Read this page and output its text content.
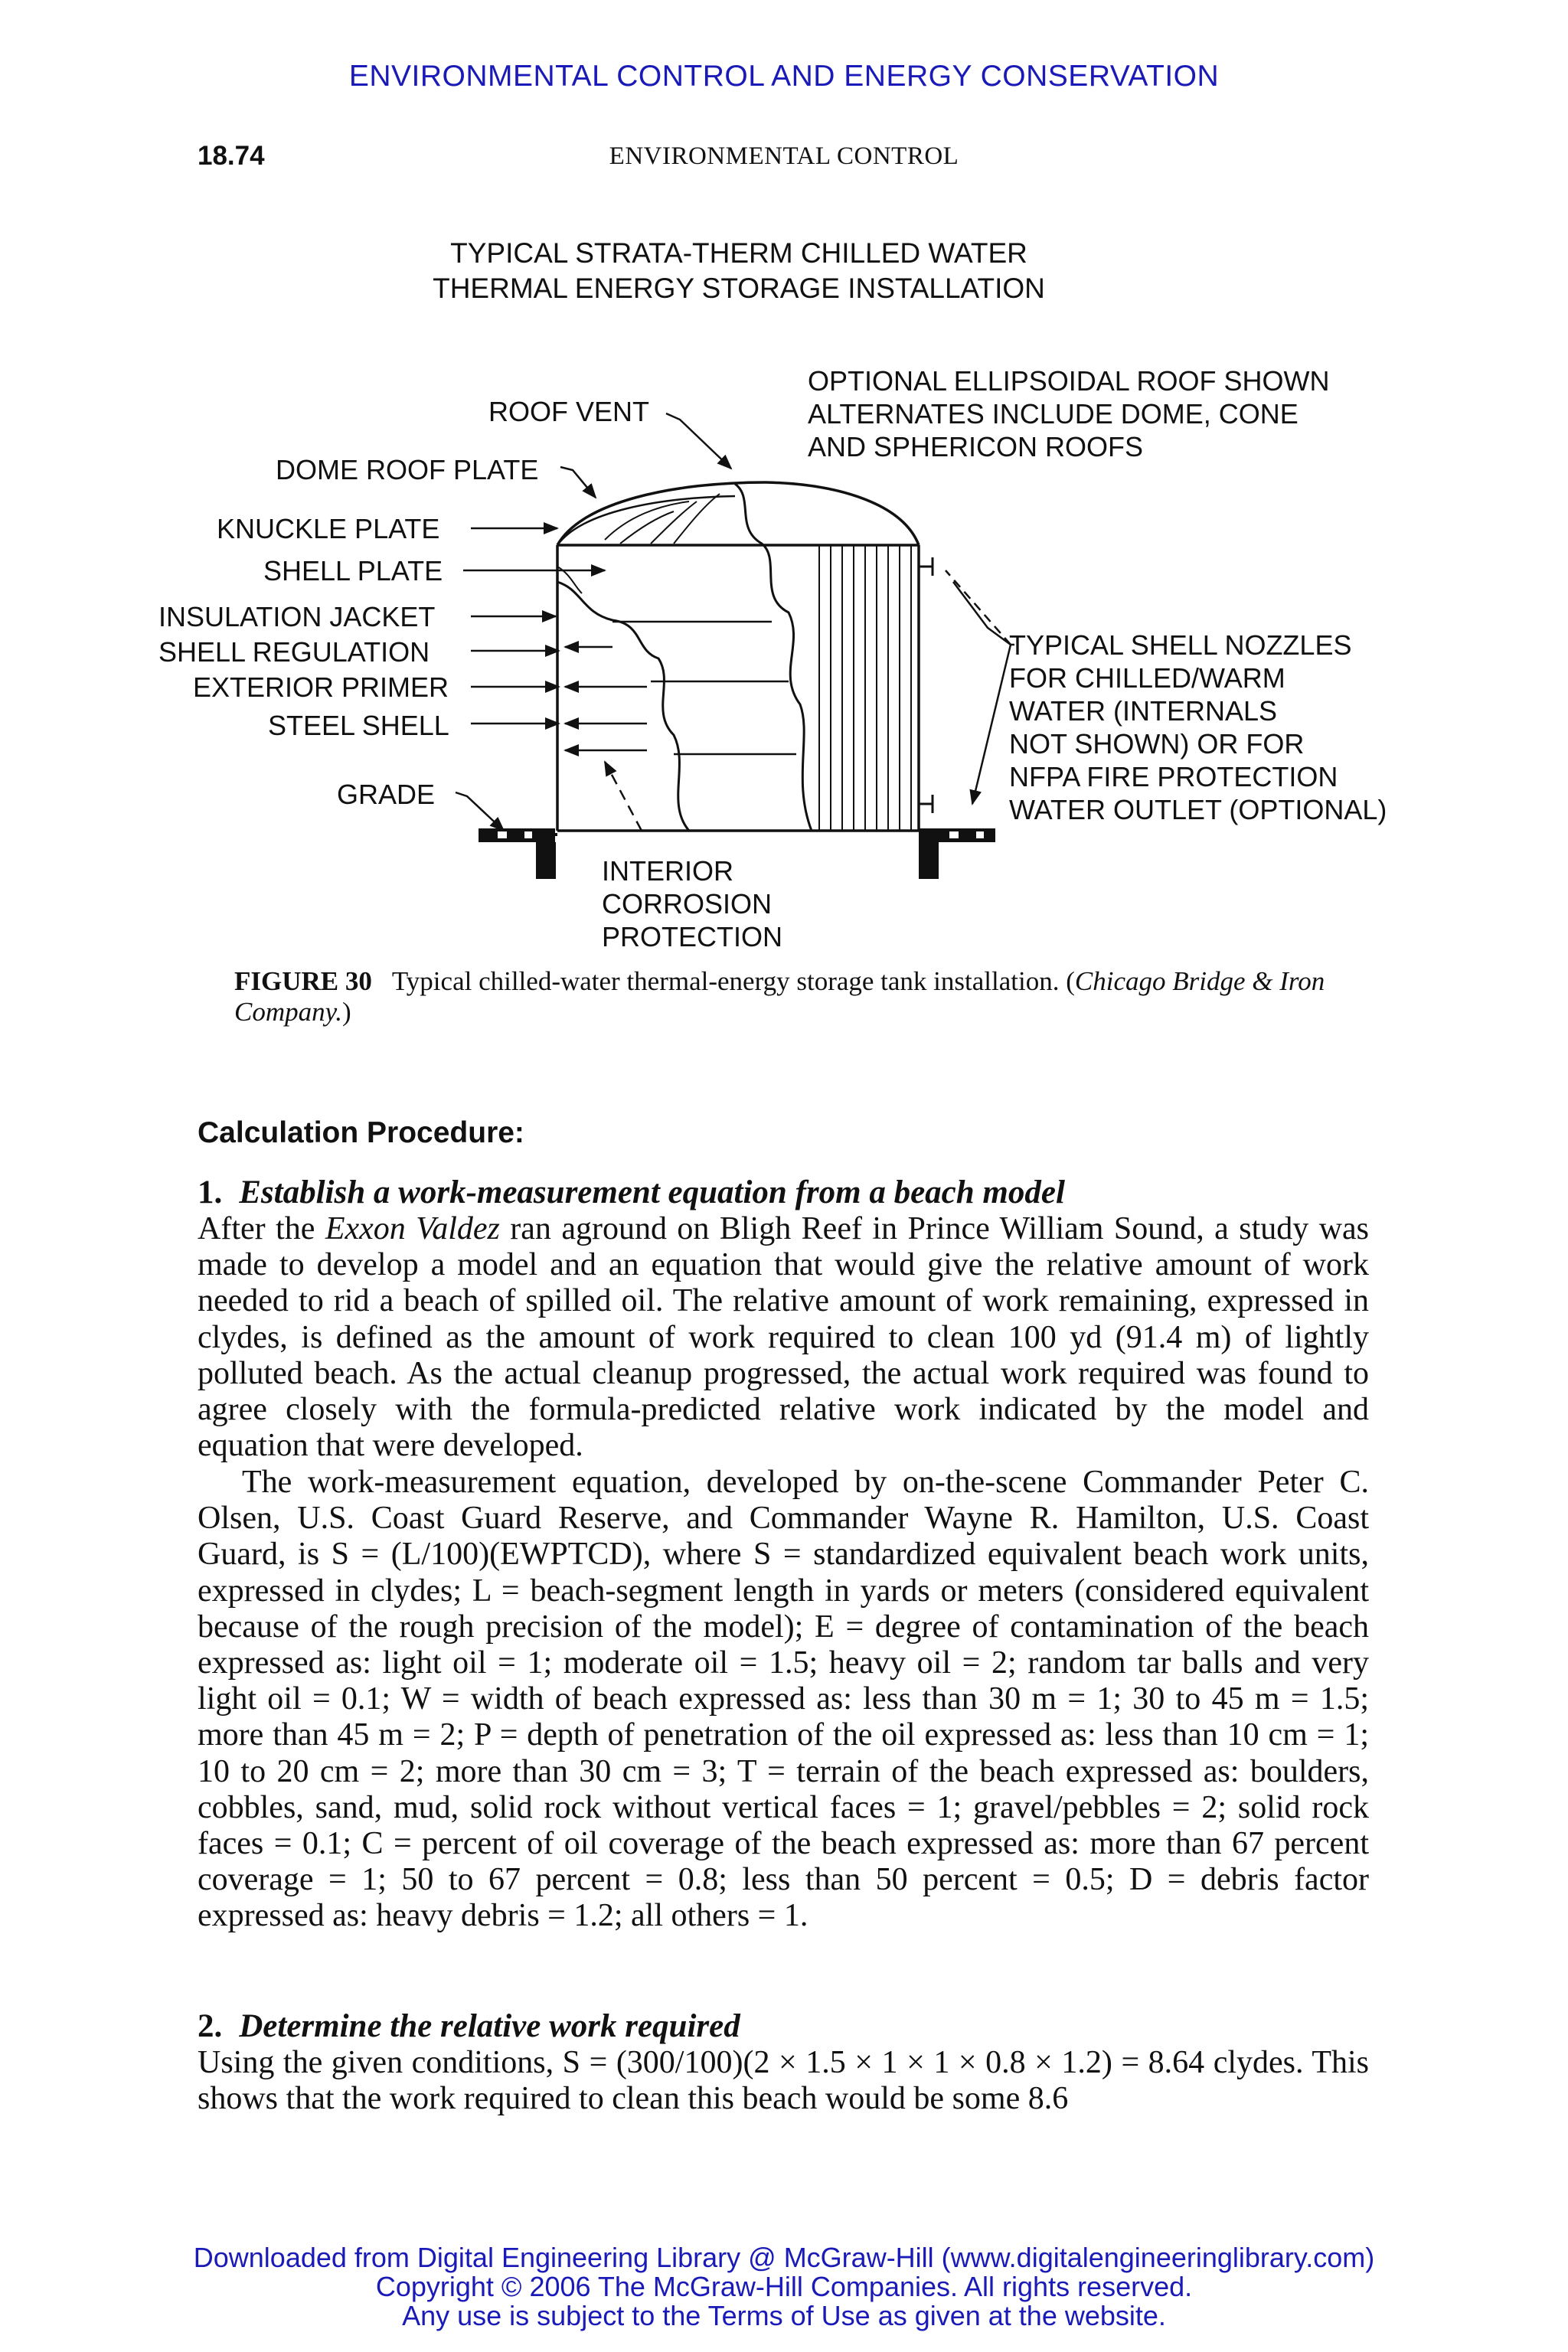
ENVIRONMENTAL CONTROL AND ENERGY CONSERVATION
18.74	ENVIRONMENTAL CONTROL
TYPICAL STRATA-THERM CHILLED WATER
THERMAL ENERGY STORAGE INSTALLATION
OPTIONAL ELLIPSOIDAL ROOF SHOWN
ALTERNATES INCLUDE DOME, CONE
AND SPHERICON ROOFS
ROOF VENT
DOME ROOF PLATE
KNUCKLE PLATE
SHELL PLATE
INSULATION JACKET
SHELL REGULATION
EXTERIOR PRIMER
STEEL SHELL
GRADE
TYPICAL SHELL NOZZLES
FOR CHILLED/WARM
WATER (INTERNALS
NOT SHOWN) OR FOR
NFPA FIRE PROTECTION
WATER OUTLET (OPTIONAL)
INTERIOR
CORROSION
PROTECTION
FIGURE 30 Typical chilled-water thermal-energy storage tank installation. (Chicago Bridge & Iron Company.)
Calculation Procedure:
1. Establish a work-measurement equation from a beach model
After the Exxon Valdez ran aground on Bligh Reef in Prince William Sound, a study was made to develop a model and an equation that would give the relative amount of work needed to rid a beach of spilled oil. The relative amount of work remaining, expressed in clydes, is defined as the amount of work required to clean 100 yd (91.4 m) of lightly polluted beach. As the actual cleanup progressed, the actual work required was found to agree closely with the formula-predicted relative work indicated by the model and equation that were developed.
The work-measurement equation, developed by on-the-scene Commander Peter C. Olsen, U.S. Coast Guard Reserve, and Commander Wayne R. Hamilton, U.S. Coast Guard, is S = (L/100)(EWPTCD), where S = standardized equivalent beach work units, expressed in clydes; L = beach-segment length in yards or meters (considered equivalent because of the rough precision of the model); E = degree of contamination of the beach expressed as: light oil = 1; moderate oil = 1.5; heavy oil = 2; random tar balls and very light oil = 0.1; W = width of beach expressed as: less than 30 m = 1; 30 to 45 m = 1.5; more than 45 m = 2; P = depth of penetration of the oil expressed as: less than 10 cm = 1; 10 to 20 cm = 2; more than 30 cm = 3; T = terrain of the beach expressed as: boulders, cobbles, sand, mud, solid rock without vertical faces = 1; gravel/pebbles = 2; solid rock faces = 0.1; C = percent of oil coverage of the beach expressed as: more than 67 percent coverage = 1; 50 to 67 percent = 0.8; less than 50 percent = 0.5; D = debris factor expressed as: heavy debris = 1.2; all others = 1.
2. Determine the relative work required
Using the given conditions, S = (300/100)(2 × 1.5 × 1 × 1 × 0.8 × 1.2) = 8.64 clydes. This shows that the work required to clean this beach would be some 8.6
Downloaded from Digital Engineering Library @ McGraw-Hill (www.digitalengineeringlibrary.com)
Copyright © 2006 The McGraw-Hill Companies. All rights reserved.
Any use is subject to the Terms of Use as given at the website.
